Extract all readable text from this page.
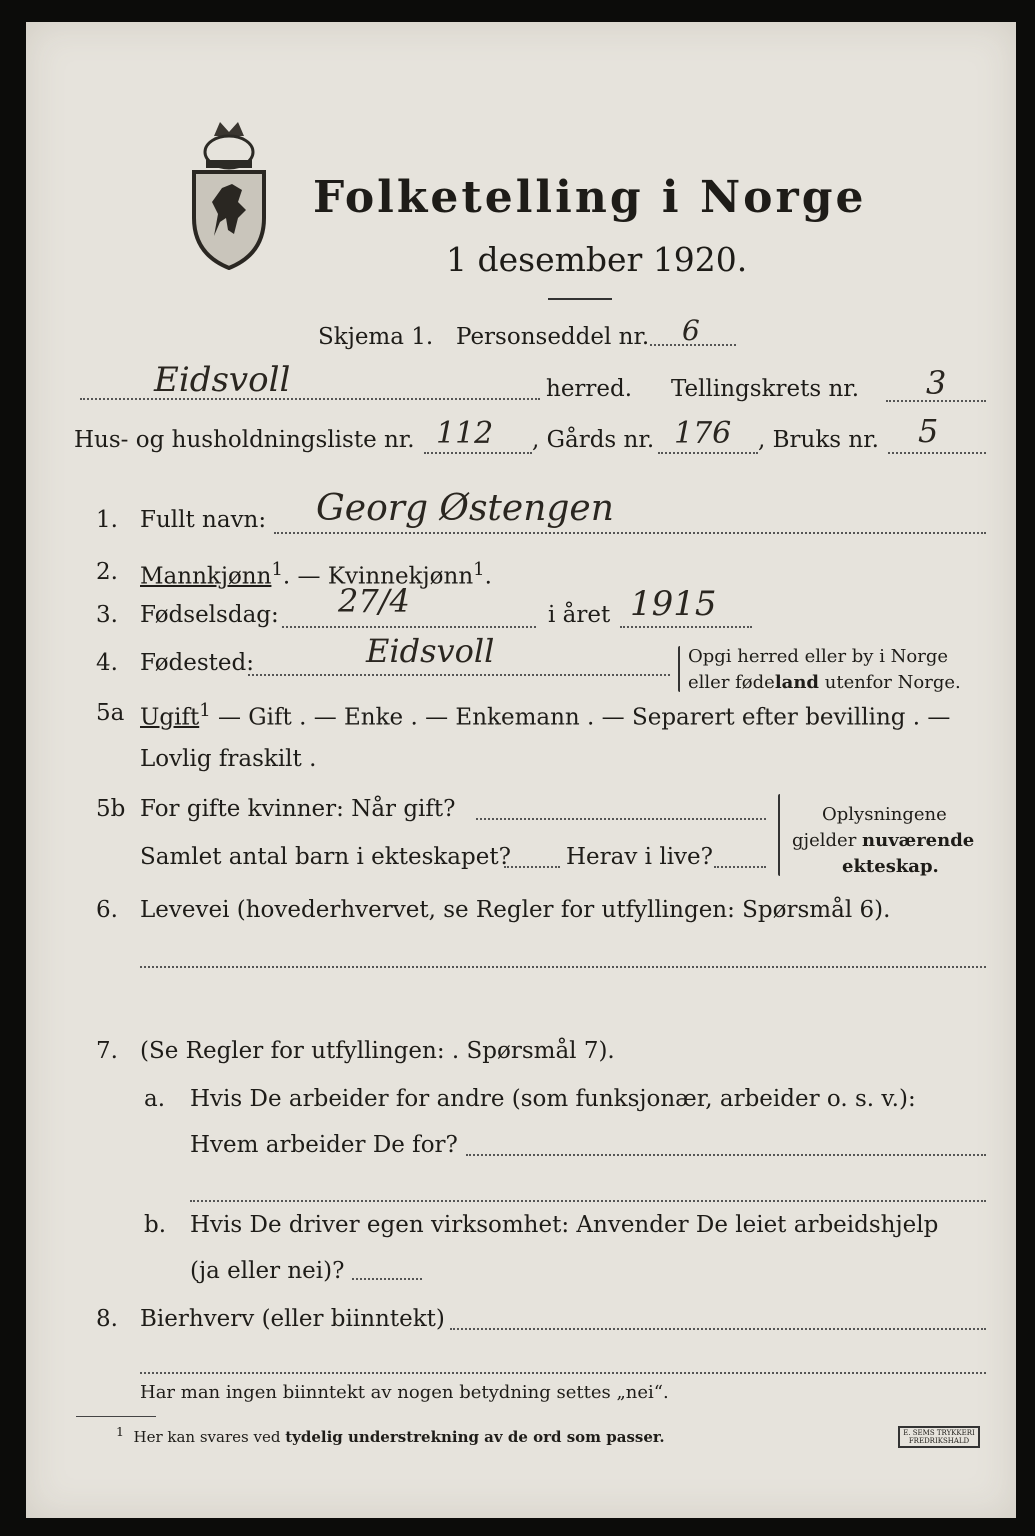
Folketelling i Norge
1 desember 1920.
Skjema 1. Personseddel nr. 6
Eidsvoll	herred. Tellingskrets nr. 3
Hus- og husholdningsliste nr. 112 , Gårds nr. 176 , Bruks nr. 5
1. Fullt navn: Georg Østengen
2. Mannkjønn$^1$. — Kvinnekjønn$^1$.
3. Fødselsdag: 27/4	i året 1915
4. Fødested:	Eidsvoll	Opgi herred eller by i Norge
eller fødeland utenfor Norge.
5a Ugift$^1$ — Gift . — Enke . — Enkemann . — Separert efter bevilling . —
Lovlig fraskilt .
5b For gifte kvinner: Når gift?
Samlet antal barn i ekteskapet? Herav i live?
Oplysningene
gjelder nuværende
ekteskap.
6. Levevei (hovederhvervet, se Regler for utfyllingen: Spørsmål 6).
7. (Se Regler for utfyllingen: . Spørsmål 7).
a. Hvis De arbeider for andre (som funksjonær, arbeider o. s. v.):
Hvem arbeider De for?
b. Hvis De driver egen virksomhet: Anvender De leiet arbeidshjelp
(ja eller nei)?
8. Bierhverv (eller biinntekt)
Har man ingen biinntekt av nogen betydning settes „nei“.
$^1$ Her kan svares ved tydelig understrekning av de ord som passer.	E. SEMS TRYKKERI FREDRIKSHALD
